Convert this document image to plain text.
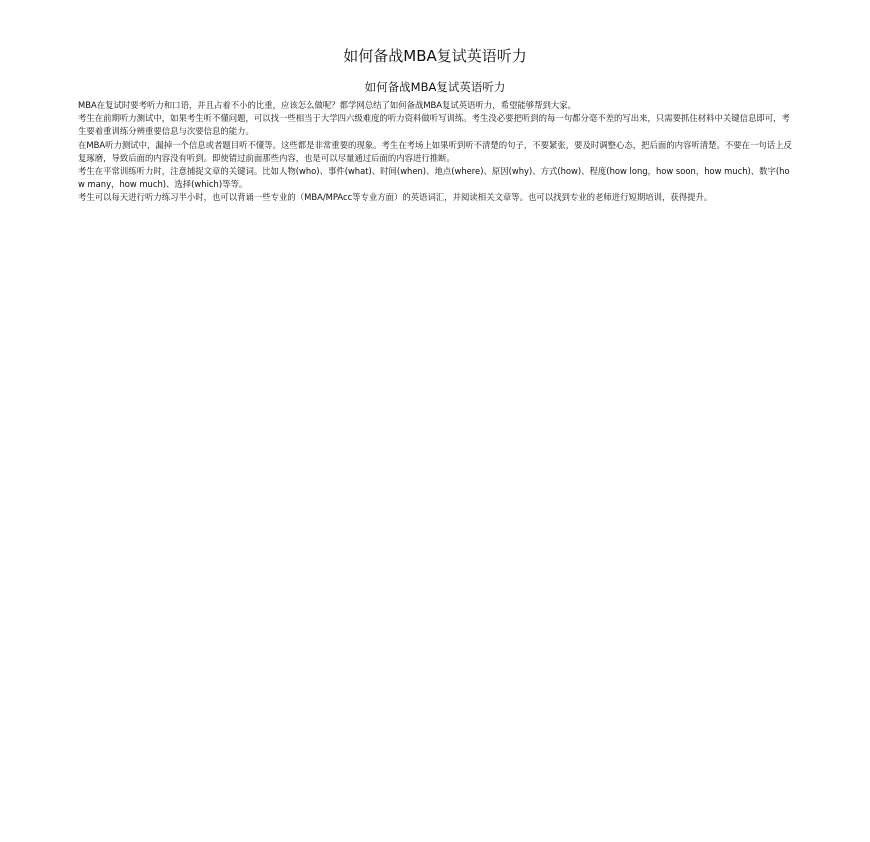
如何备战MBA复试英语听力
如何备战MBA复试英语听力

MBA在复试时要考听力和口语，并且占着不小的比重，应该怎么做呢？都学网总结了如何备战MBA复试英语听力，希望能够帮到大家。

考生在前期听力测试中，如果考生听不懂问题，可以找一些相当于大学四六级难度的听力资料做听写训练。考生没必要把听到的每一句都分毫不差的写出来，只需要抓住材料中关键信息即可，考生要着重训练分辨重要信息与次要信息的能力。

在MBA听力测试中，漏掉一个信息或者题目听不懂等。这些都是非常重要的现象。考生在考场上如果听到听不清楚的句子，不要紧张，要及时调整心态，把后面的内容听清楚。不要在一句话上反复琢磨，导致后面的内容没有听到。即使错过前面那些内容，也是可以尽量通过后面的内容进行推断。

考生在平常训练听力时，注意捕捉文章的关键词。比如人物(who)、事件(what)、时间(when)、地点(where)、原因(why)、方式(how)、程度(how long，how soon，how much)、数字(how many，how much)、选择(which)等等。

考生可以每天进行听力练习半小时，也可以背诵一些专业的（MBA/MPAcc等专业方面）的英语词汇，并阅读相关文章等。也可以找到专业的老师进行短期培训，获得提升。
